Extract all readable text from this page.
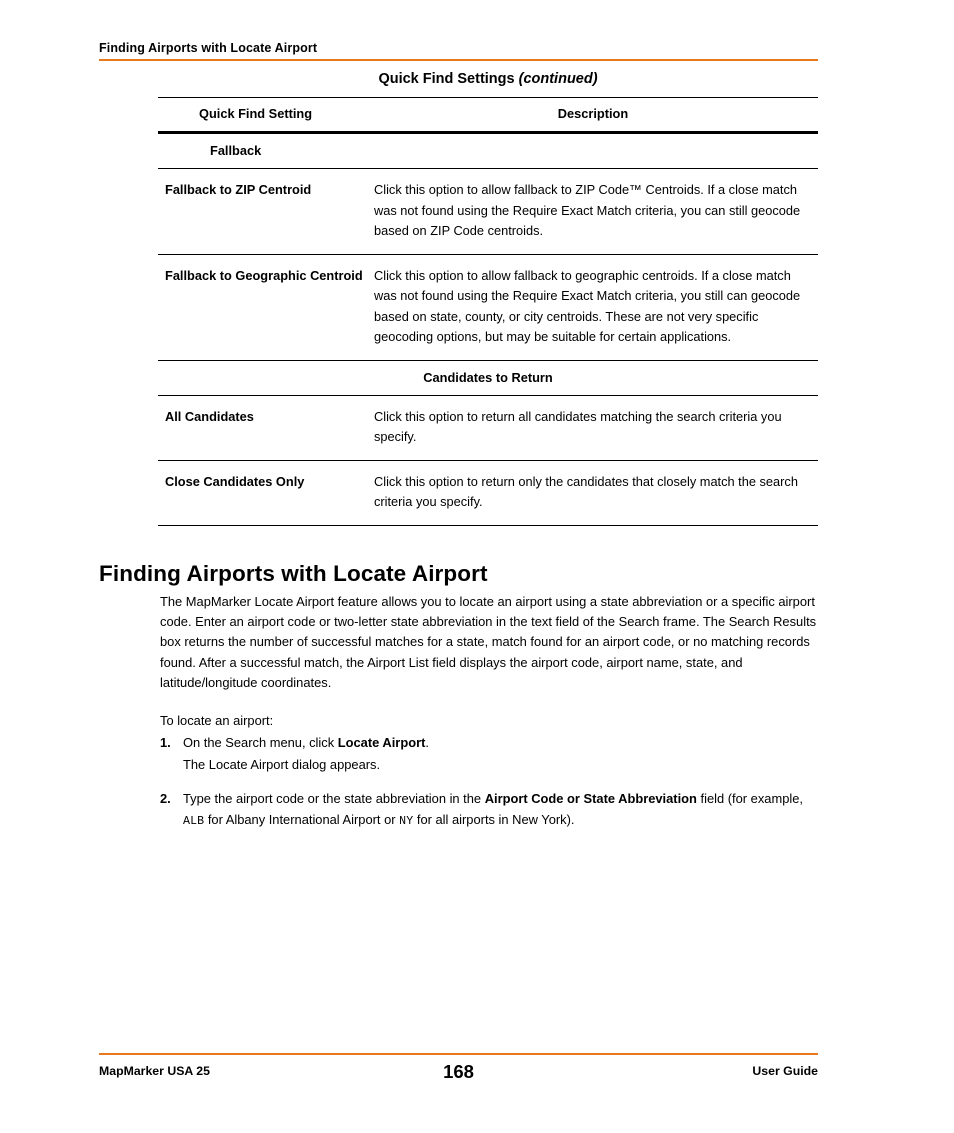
Finding Airports with Locate Airport
Quick Find Settings (continued)
Quick Find Setting	Description
Fallback	
Fallback to ZIP Centroid	Click this option to allow fallback to ZIP Code™ Centroids. If a close match was not found using the Require Exact Match criteria, you can still geocode based on ZIP Code centroids.
Fallback to Geographic Centroid	Click this option to allow fallback to geographic centroids. If a close match was not found using the Require Exact Match criteria, you still can geocode based on state, county, or city centroids. These are not very specific geocoding options, but may be suitable for certain applications.
Candidates to Return	
All Candidates	Click this option to return all candidates matching the search criteria you specify.
Close Candidates Only	Click this option to return only the candidates that closely match the search criteria you specify.

Finding Airports with Locate Airport

The MapMarker Locate Airport feature allows you to locate an airport using a state abbreviation or a specific airport code. Enter an airport code or two-letter state abbreviation in the text field of the Search frame. The Search Results box returns the number of successful matches for a state, match found for an airport code, or no matching records found. After a successful match, the Airport List field displays the airport code, airport name, state, and latitude/longitude coordinates.

To locate an airport:

1. On the Search menu, click Locate Airport.
The Locate Airport dialog appears.
2. Type the airport code or the state abbreviation in the Airport Code or State Abbreviation field (for example, ALB for Albany International Airport or NY for all airports in New York).
MapMarker USA 25	168	User Guide
